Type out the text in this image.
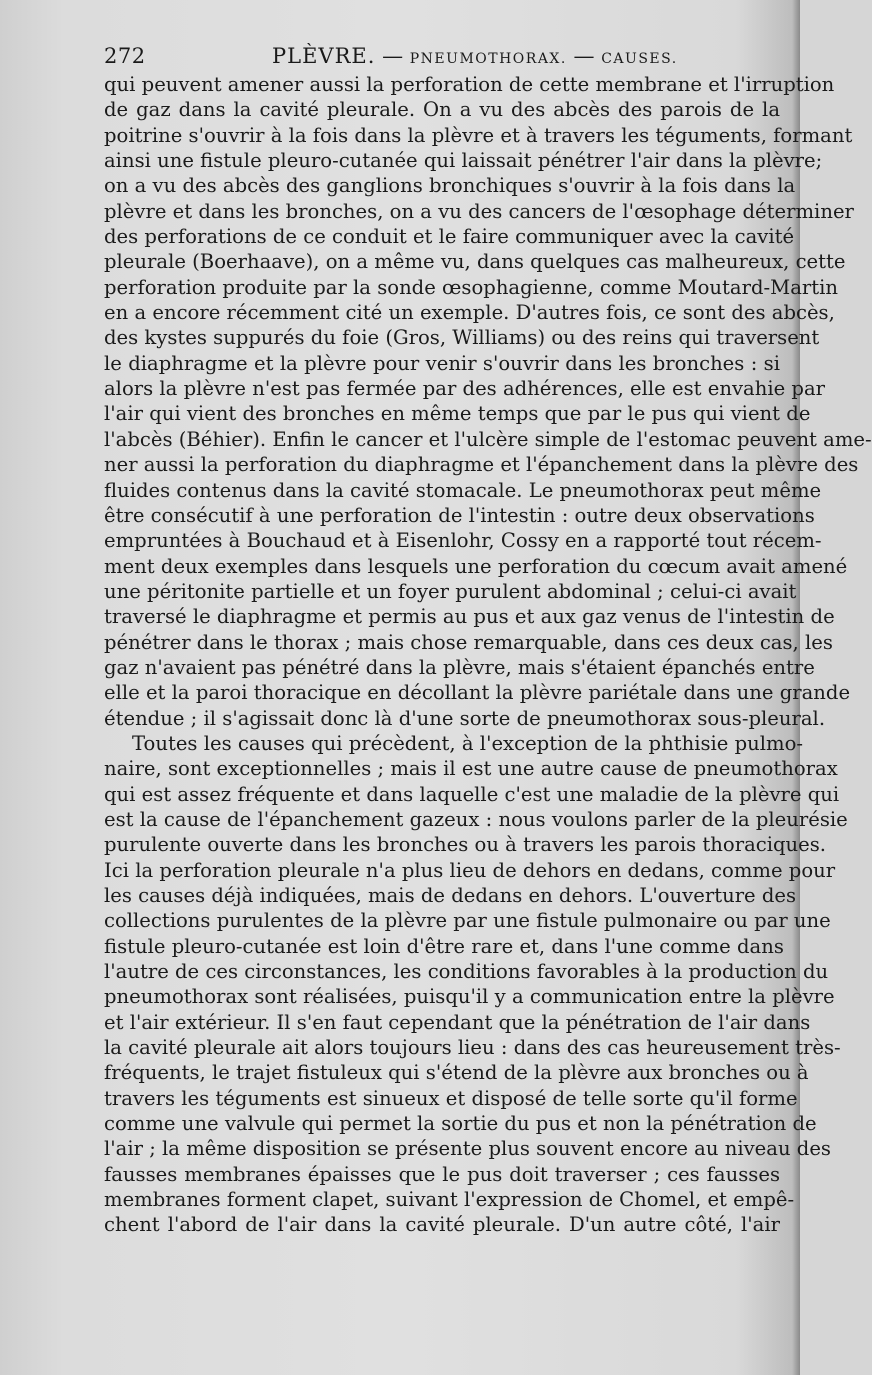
272	PLÈVRE. — PNEUMOTHORAX. — CAUSES.
qui peuvent amener aussi la perforation de cette membrane et l'irruption
de gaz dans la cavité pleurale. On a vu des abcès des parois de la
poitrine s'ouvrir à la fois dans la plèvre et à travers les téguments, formant
ainsi une fistule pleuro-cutanée qui laissait pénétrer l'air dans la plèvre;
on a vu des abcès des ganglions bronchiques s'ouvrir à la fois dans la
plèvre et dans les bronches, on a vu des cancers de l'œsophage déterminer
des perforations de ce conduit et le faire communiquer avec la cavité
pleurale (Boerhaave), on a même vu, dans quelques cas malheureux, cette
perforation produite par la sonde œsophagienne, comme Moutard-Martin
en a encore récemment cité un exemple. D'autres fois, ce sont des abcès,
des kystes suppurés du foie (Gros, Williams) ou des reins qui traversent
le diaphragme et la plèvre pour venir s'ouvrir dans les bronches : si
alors la plèvre n'est pas fermée par des adhérences, elle est envahie par
l'air qui vient des bronches en même temps que par le pus qui vient de
l'abcès (Béhier). Enfin le cancer et l'ulcère simple de l'estomac peuvent ame-
ner aussi la perforation du diaphragme et l'épanchement dans la plèvre des
fluides contenus dans la cavité stomacale. Le pneumothorax peut même
être consécutif à une perforation de l'intestin : outre deux observations
empruntées à Bouchaud et à Eisenlohr, Cossy en a rapporté tout récem-
ment deux exemples dans lesquels une perforation du cœcum avait amené
une péritonite partielle et un foyer purulent abdominal ; celui-ci avait
traversé le diaphragme et permis au pus et aux gaz venus de l'intestin de
pénétrer dans le thorax ; mais chose remarquable, dans ces deux cas, les
gaz n'avaient pas pénétré dans la plèvre, mais s'étaient épanchés entre
elle et la paroi thoracique en décollant la plèvre pariétale dans une grande
étendue ; il s'agissait donc là d'une sorte de pneumothorax sous-pleural.
Toutes les causes qui précèdent, à l'exception de la phthisie pulmo-
naire, sont exceptionnelles ; mais il est une autre cause de pneumothorax
qui est assez fréquente et dans laquelle c'est une maladie de la plèvre qui
est la cause de l'épanchement gazeux : nous voulons parler de la pleurésie
purulente ouverte dans les bronches ou à travers les parois thoraciques.
Ici la perforation pleurale n'a plus lieu de dehors en dedans, comme pour
les causes déjà indiquées, mais de dedans en dehors. L'ouverture des
collections purulentes de la plèvre par une fistule pulmonaire ou par une
fistule pleuro-cutanée est loin d'être rare et, dans l'une comme dans
l'autre de ces circonstances, les conditions favorables à la production du
pneumothorax sont réalisées, puisqu'il y a communication entre la plèvre
et l'air extérieur. Il s'en faut cependant que la pénétration de l'air dans
la cavité pleurale ait alors toujours lieu : dans des cas heureusement très-
fréquents, le trajet fistuleux qui s'étend de la plèvre aux bronches ou à
travers les téguments est sinueux et disposé de telle sorte qu'il forme
comme une valvule qui permet la sortie du pus et non la pénétration de
l'air ; la même disposition se présente plus souvent encore au niveau des
fausses membranes épaisses que le pus doit traverser ; ces fausses
membranes forment clapet, suivant l'expression de Chomel, et empê-
chent l'abord de l'air dans la cavité pleurale. D'un autre côté, l'air
